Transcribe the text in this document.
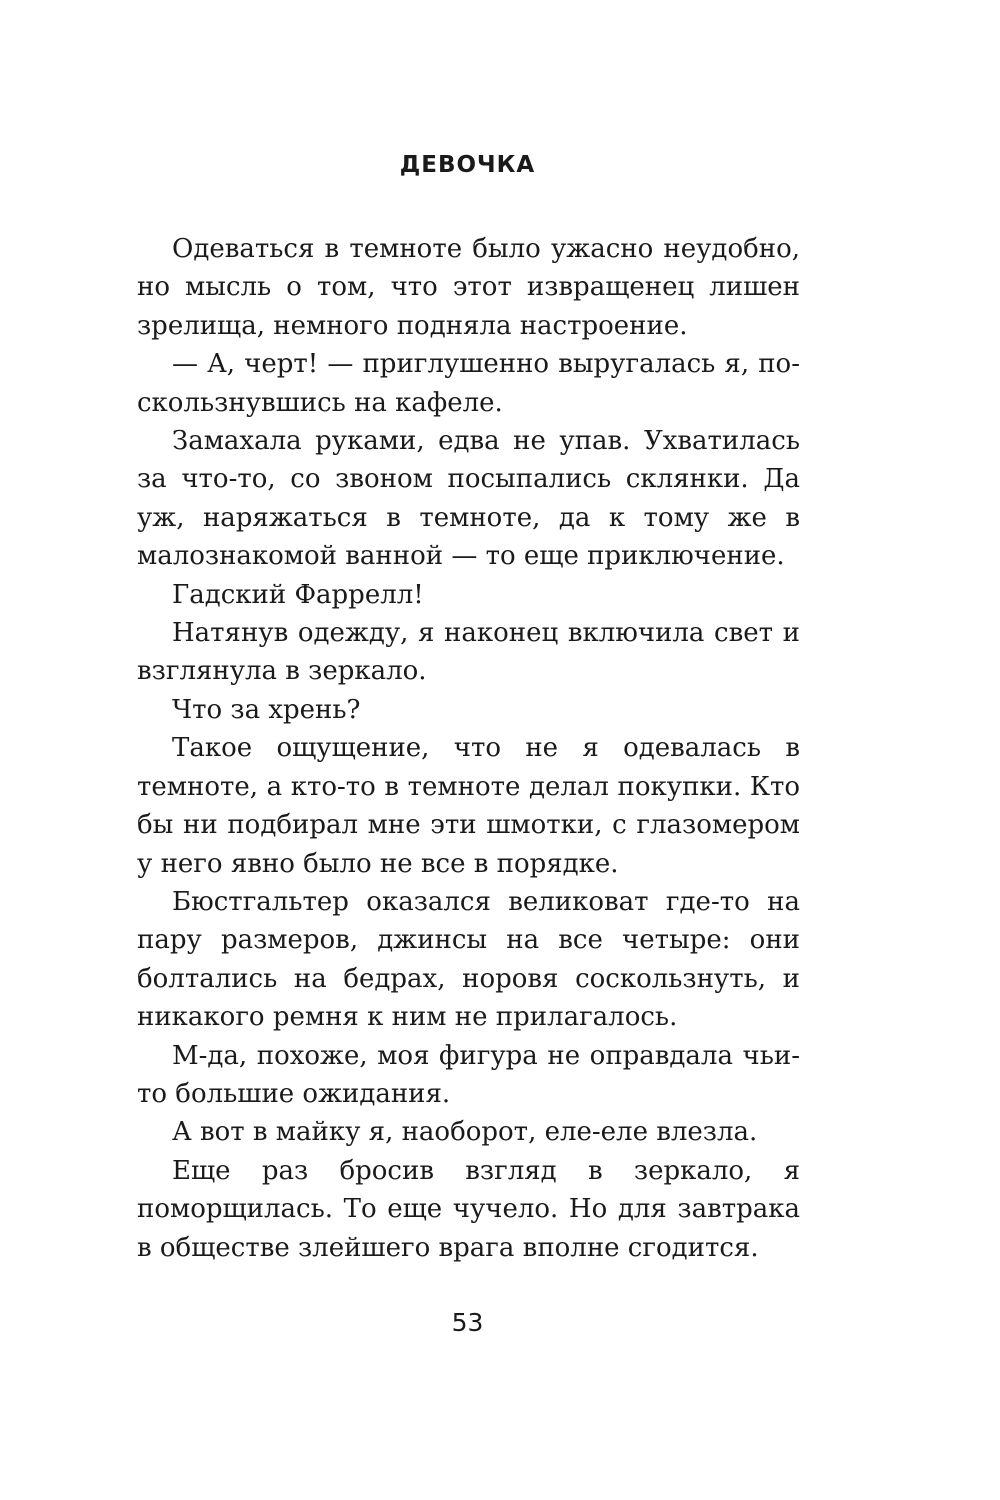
ДЕВОЧКА

Одеваться в темноте было ужасно неудобно, но мысль о том, что этот извращенец лишен зрелища, немного подняла настроение.

— А, черт! — приглушенно выругалась я, поскользнувшись на кафеле.

Замахала руками, едва не упав. Ухватилась за что-то, со звоном посыпались склянки. Да уж, наряжаться в темноте, да к тому же в малознакомой ванной — то еще приключение.

Гадский Фаррелл!

Натянув одежду, я наконец включила свет и взглянула в зеркало.

Что за хрень?

Такое ощущение, что не я одевалась в темноте, а кто-то в темноте делал покупки. Кто бы ни подбирал мне эти шмотки, с глазомером у него явно было не все в порядке.

Бюстгальтер оказался великоват где-то на пару размеров, джинсы на все четыре: они болтались на бедрах, норовя соскользнуть, и никакого ремня к ним не прилагалось.

М-да, похоже, моя фигура не оправдала чьи-то большие ожидания.

А вот в майку я, наоборот, еле-еле влезла.

Еще раз бросив взгляд в зеркало, я поморщилась. То еще чучело. Но для завтрака в обществе злейшего врага вполне сгодится.

53
